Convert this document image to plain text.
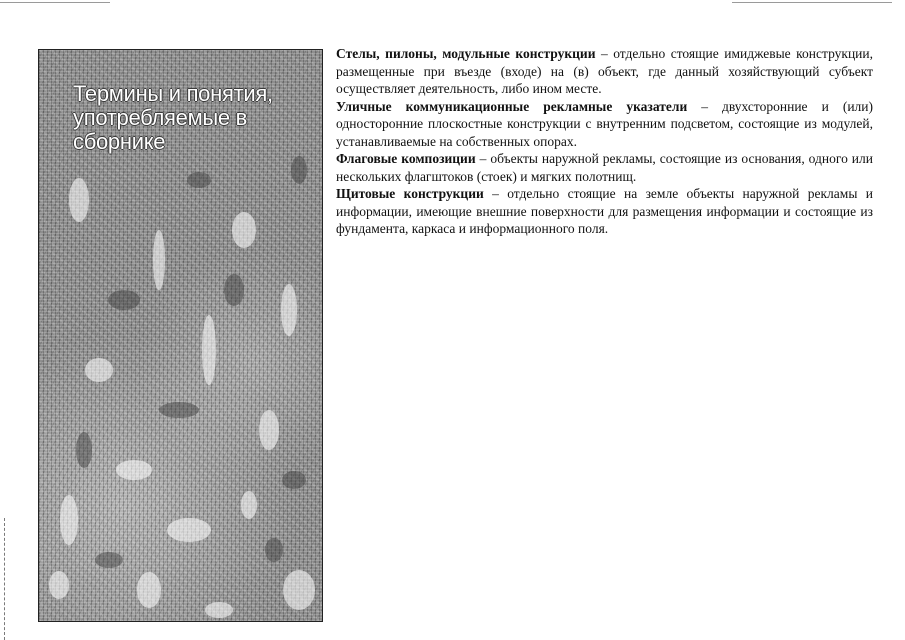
Термины и понятия,
употребляемые в
сборнике

Стелы, пилоны, модульные конструкции – отдельно стоящие имиджевые конструкции, размещенные при въезде (входе) на (в) объект, где данный хозяйствующий субъект осуществляет деятельность, либо ином месте.

Уличные коммуникационные рекламные указатели – двухсторонние и (или) односторонние плоскостные конструкции с внутренним подсветом, состоящие из модулей, устанавливаемые на собственных опорах.

Флаговые композиции – объекты наружной рекламы, состоящие из основания, одного или нескольких флагштоков (стоек) и мягких полотнищ.

Щитовые конструкции – отдельно стоящие на земле объекты наружной рекламы и информации, имеющие внешние поверхности для размещения информации и состоящие из фундамента, каркаса и информационного поля.
